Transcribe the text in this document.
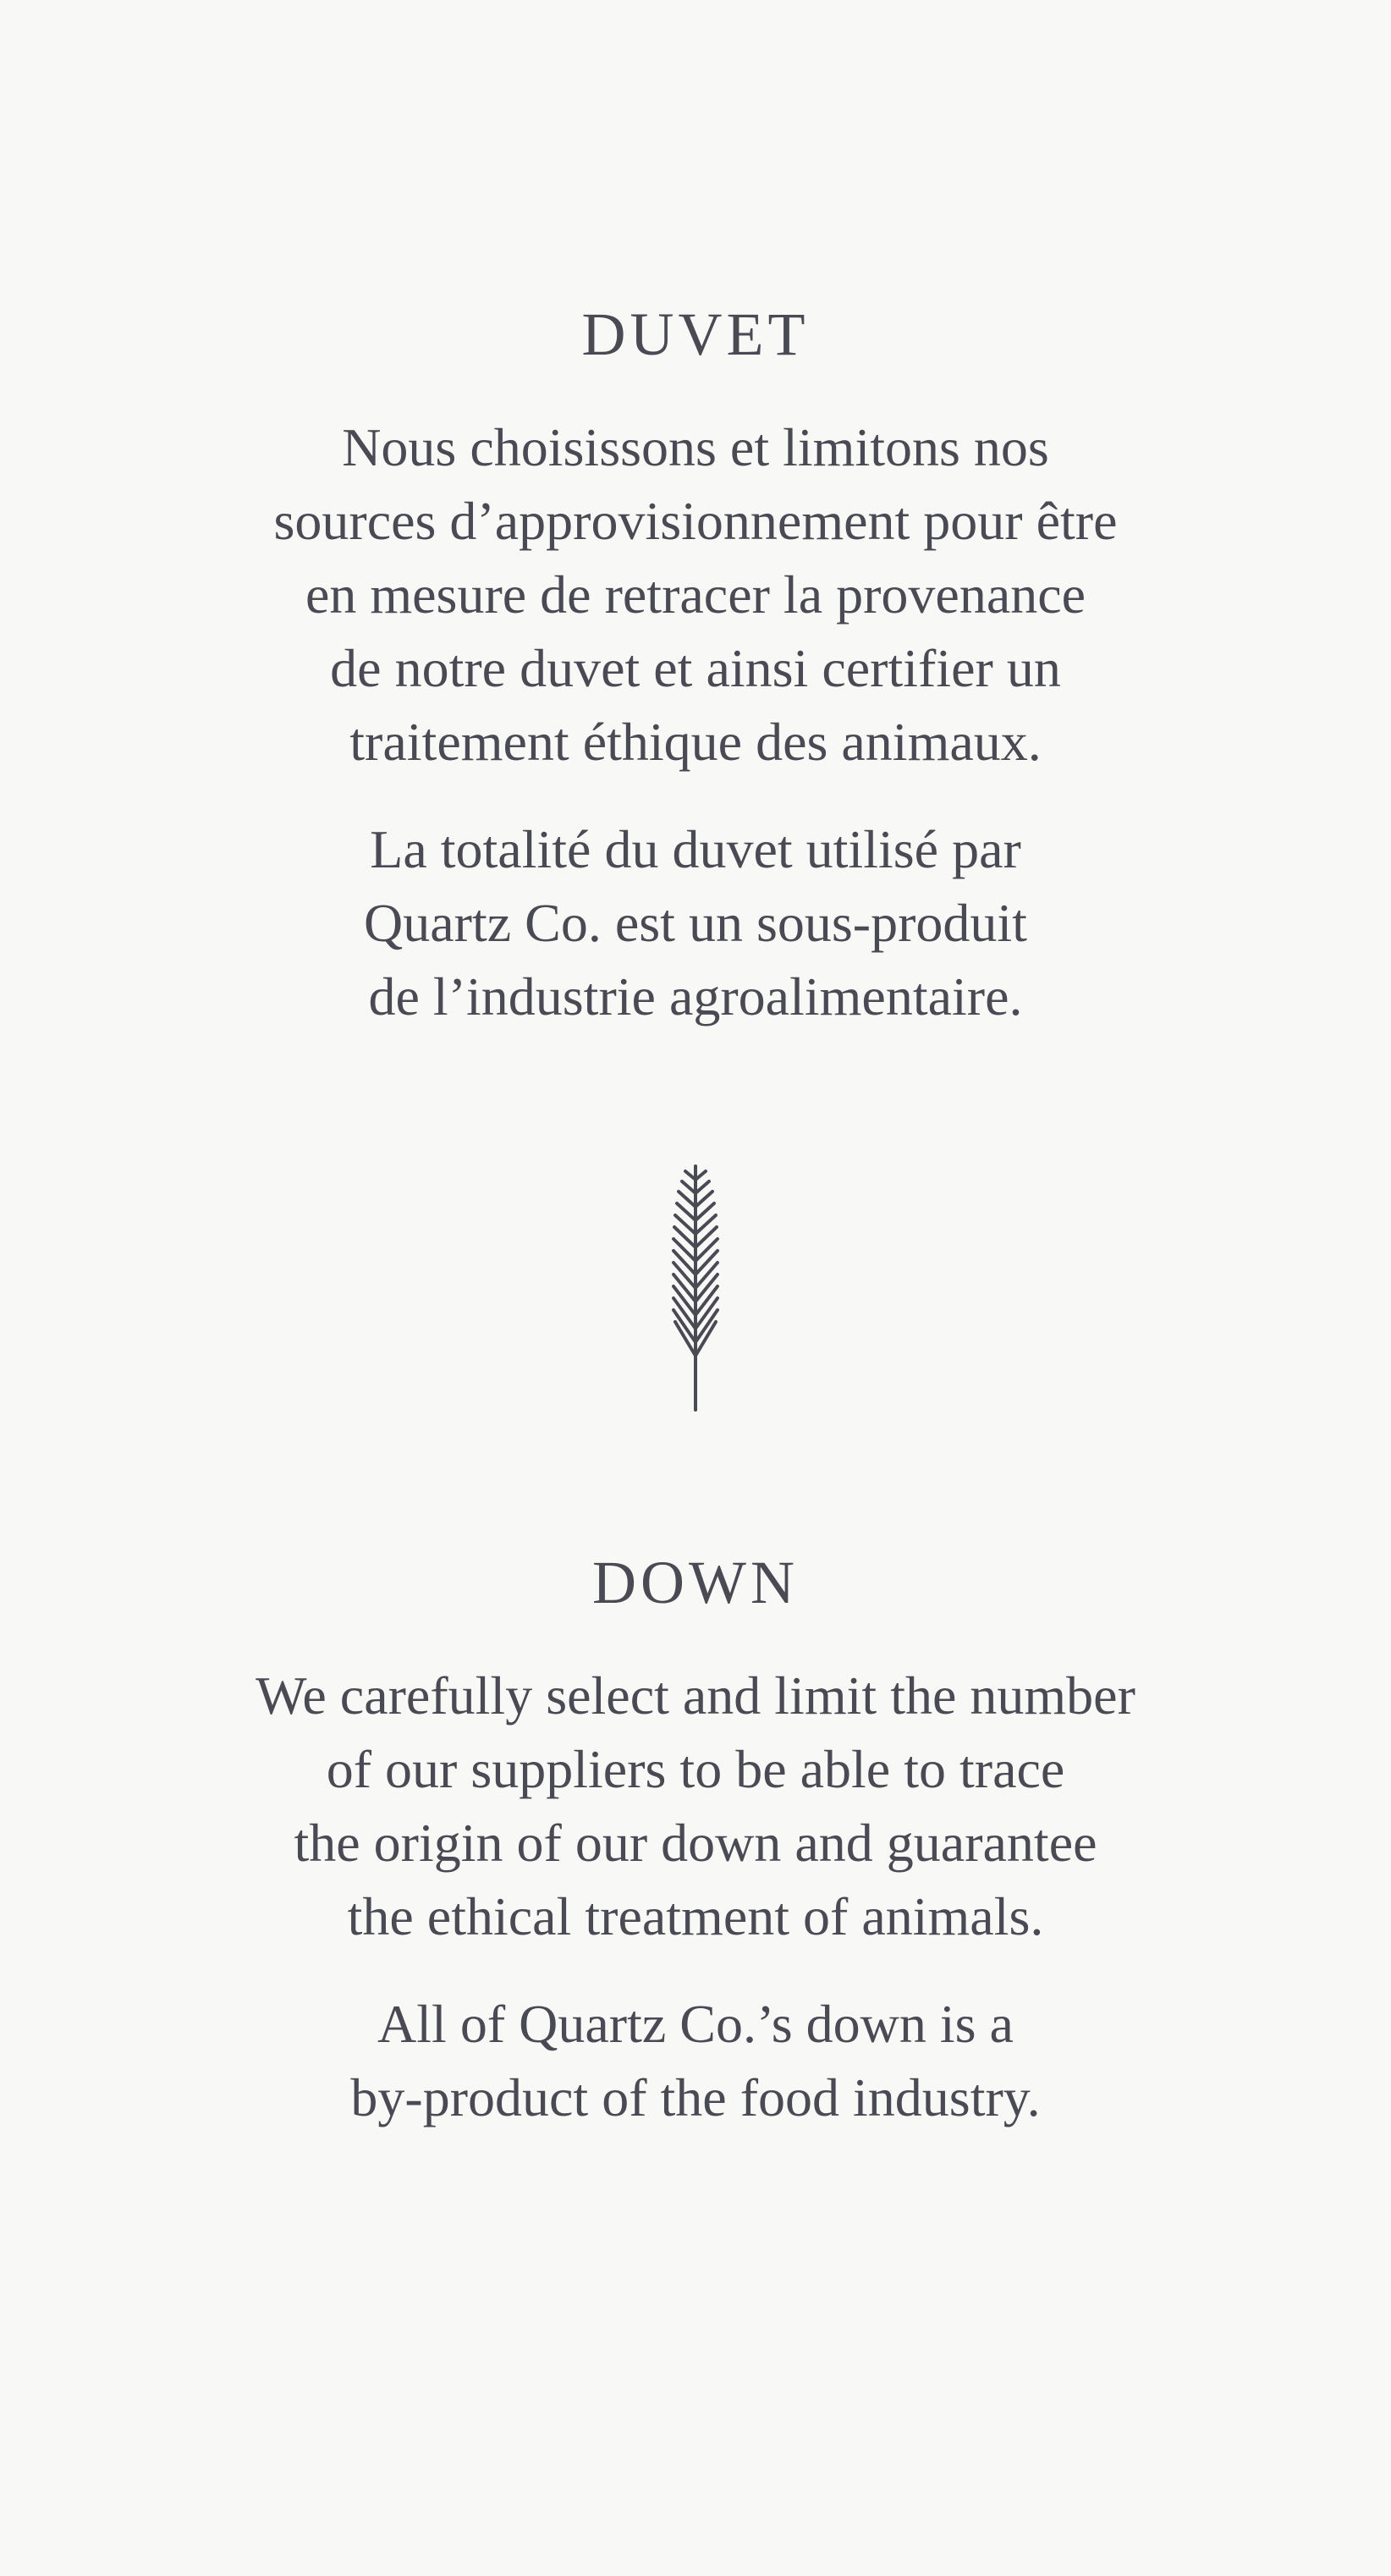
DUVET

Nous choisissons et limitons nos
sources d’approvisionnement pour être
en mesure de retracer la provenance
de notre duvet et ainsi certifier un
traitement éthique des animaux.

La totalité du duvet utilisé par
Quartz Co. est un sous-produit
de l’industrie agroalimentaire.

DOWN

We carefully select and limit the number
of our suppliers to be able to trace
the origin of our down and guarantee
the ethical treatment of animals.

All of Quartz Co.’s down is a
by-product of the food industry.
